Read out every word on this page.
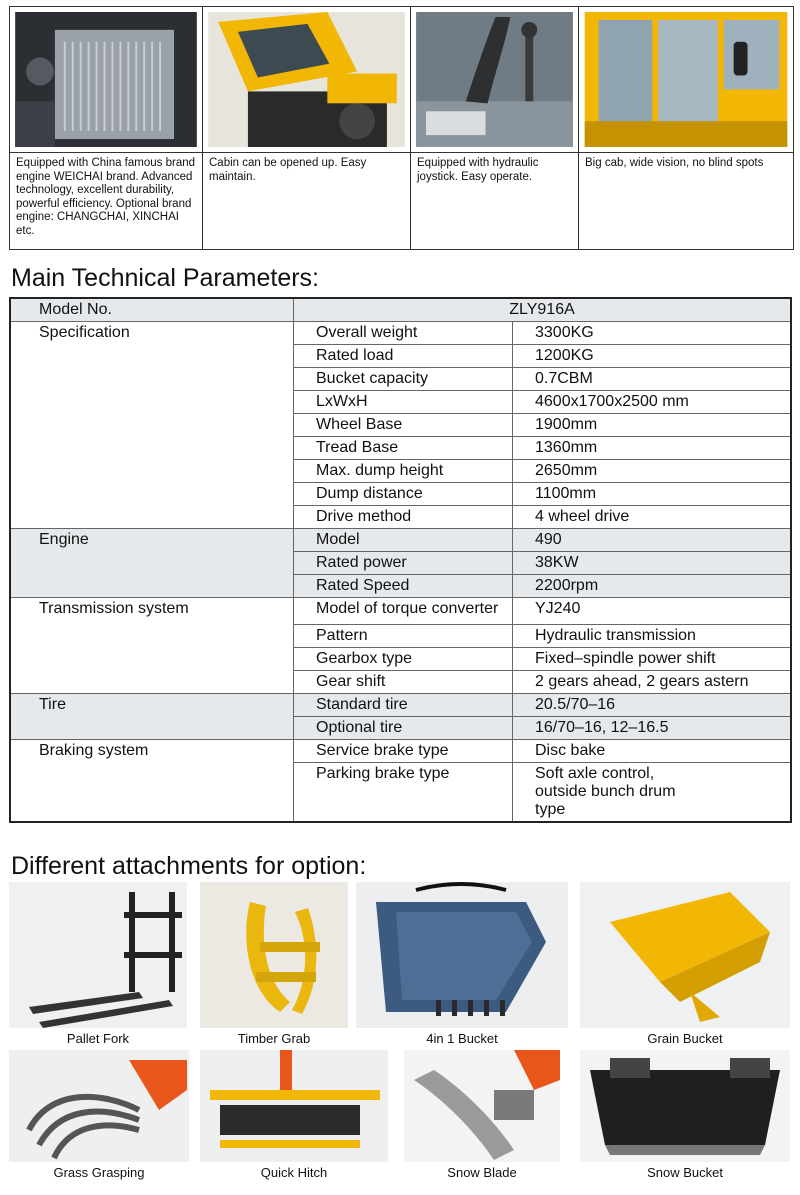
Equipped with China famous brand engine WEICHAI brand. Advanced technology, excellent durability, powerful efficiency. Optional brand engine: CHANGCHAI, XINCHAI etc.
Cabin can be opened up. Easy maintain.
Equipped with hydraulic joystick. Easy operate.
Big cab, wide vision, no blind spots
Main Technical Parameters:
Model No.	ZLY916A	
Specification	Overall weight	3300KG
	Rated load	1200KG
	Bucket capacity	0.7CBM
	LxWxH	4600x1700x2500 mm
	Wheel Base	1900mm
	Tread Base	1360mm
	Max. dump height	2650mm
	Dump distance	1100mm
	Drive method	4 wheel drive
Engine	Model	490
	Rated power	38KW
	Rated Speed	2200rpm
Transmission system	Model of torque converter	YJ240
	Pattern	Hydraulic transmission
	Gearbox type	Fixed–spindle power shift
	Gear shift	2 gears ahead, 2 gears astern
Tire	Standard tire	20.5/70–16
	Optional tire	16/70–16, 12–16.5
Braking system	Service brake type	Disc bake
	Parking brake type	Soft axle control, outside bunch drum type
Different attachments for option:
Pallet Fork	Timber Grab	4in 1 Bucket	Grain Bucket
Grass Grasping	Quick Hitch	Snow Blade	Snow Bucket
